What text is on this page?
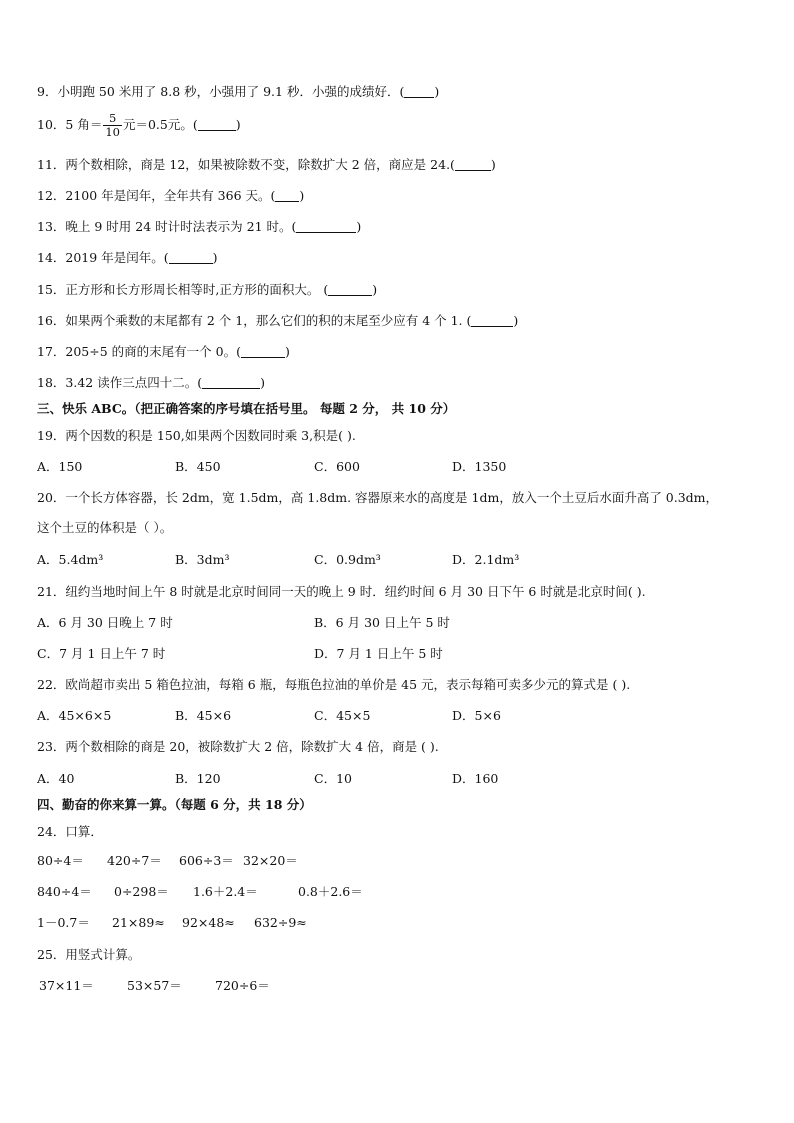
9．小明跑 50 米用了 8.8 秒，小强用了 9.1 秒．小强的成绩好．( )
10．5 角＝ $\frac{5}{10}$ 元＝0.5元。(	)
11．两个数相除，商是 12，如果被除数不变，除数扩大 2 倍，商应是 24.(	)
12．2100 年是闰年，全年共有 366 天。( )
13．晚上 9 时用 24 时计时法表示为 21 时。(	)
14．2019 年是闰年。(	)
15．正方形和长方形周长相等时,正方形的面积大。 (	)
16．如果两个乘数的末尾都有 2 个 1，那么它们的积的末尾至少应有 4 个 1. (	)
17．205÷5 的商的末尾有一个 0。(	)
18．3.42 读作三点四十二。(	)
三、快乐 ABC。（把正确答案的序号填在括号里。 每题 2 分， 共 10 分）
19．两个因数的积是 150,如果两个因数同时乘 3,积是( ).
A．150	B．450	C．600	D．1350
20．一个长方体容器，长 2dm，宽 1.5dm，高 1.8dm. 容器原来水的高度是 1dm，放入一个土豆后水面升高了 0.3dm，
这个土豆的体积是（ ）。
A．5.4dm³	B．3dm³	C．0.9dm³	D．2.1dm³
21．纽约当地时间上午 8 时就是北京时间同一天的晚上 9 时．纽约时间 6 月 30 日下午 6 时就是北京时间( ).
A．6 月 30 日晚上 7 时	B．6 月 30 日上午 5 时
C．7 月 1 日上午 7 时	D．7 月 1 日上午 5 时
22．欧尚超市卖出 5 箱色拉油，每箱 6 瓶，每瓶色拉油的单价是 45 元，表示每箱可卖多少元的算式是 ( ).
A．45×6×5	B．45×6	C．45×5	D．5×6
23．两个数相除的商是 20，被除数扩大 2 倍，除数扩大 4 倍，商是 ( ).
A．40	B．120	C．10	D．160
四、勤奋的你来算一算。（每题 6 分，共 18 分）
24．口算．
80÷4＝ 420÷7＝ 606÷3＝ 32×20＝
840÷4＝ 0÷298＝ 1.6＋2.4＝	0.8＋2.6＝
1－0.7＝ 21×89≈ 92×48≈ 632÷9≈
25．用竖式计算。
37×11＝	53×57＝	720÷6＝
